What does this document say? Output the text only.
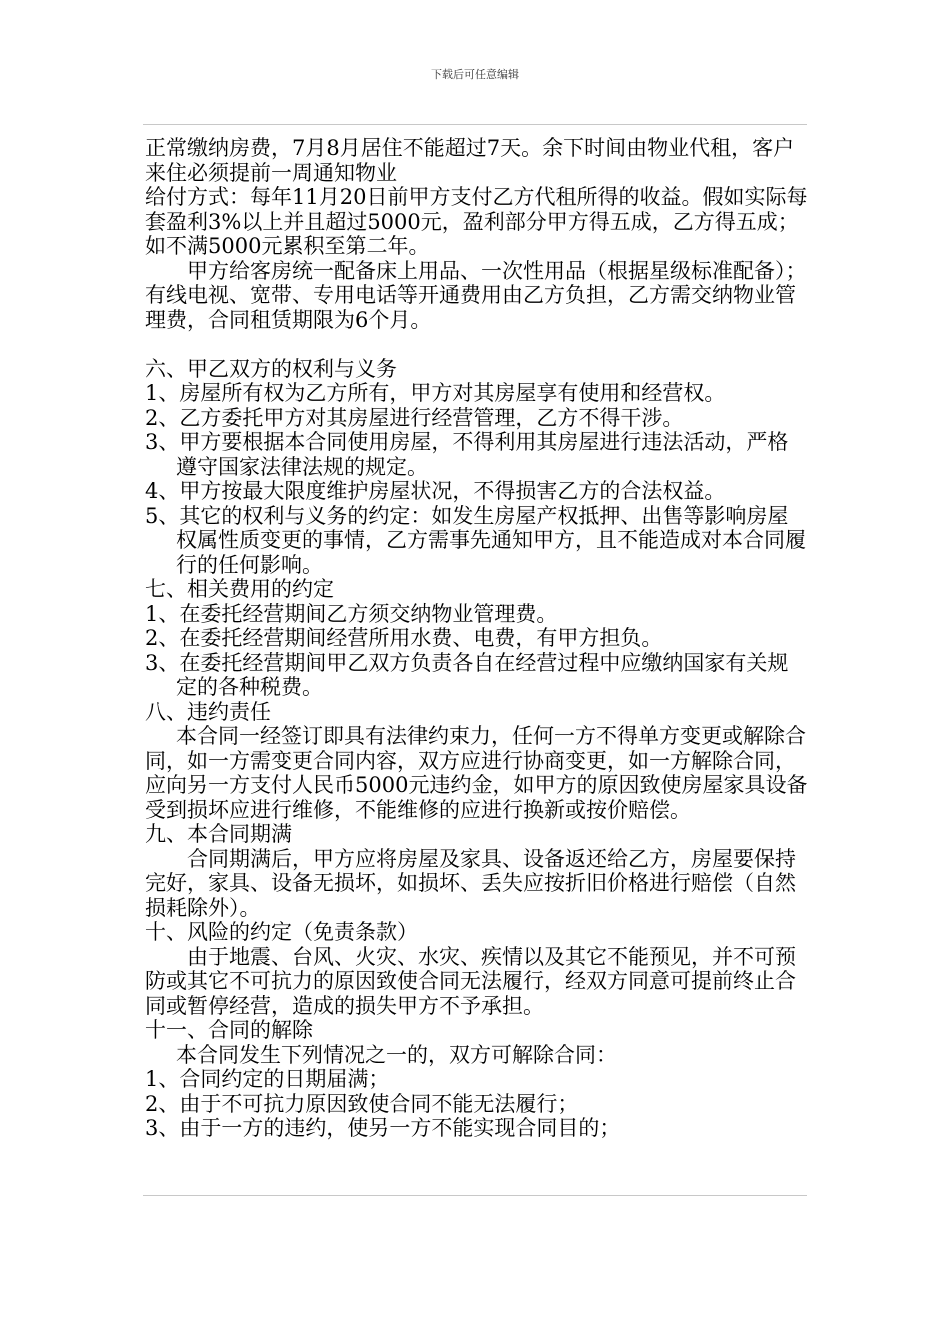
下载后可任意编辑

正常缴纳房费，7月8月居住不能超过7天。余下时间由物业代租，客户来住必须提前一周通知物业

给付方式：每年11月20日前甲方支付乙方代租所得的收益。假如实际每套盈利3%以上并且超过5000元，盈利部分甲方得五成，乙方得五成；如不满5000元累积至第二年。

甲方给客房统一配备床上用品、一次性用品（根据星级标准配备）；有线电视、宽带、专用电话等开通费用由乙方负担，乙方需交纳物业管理费，合同租赁期限为6个月。

六、甲乙双方的权利与义务

1、房屋所有权为乙方所有，甲方对其房屋享有使用和经营权。

2、乙方委托甲方对其房屋进行经营管理，乙方不得干涉。

3、甲方要根据本合同使用房屋，不得利用其房屋进行违法活动，严格遵守国家法律法规的规定。

4、甲方按最大限度维护房屋状况，不得损害乙方的合法权益。

5、其它的权利与义务的约定：如发生房屋产权抵押、出售等影响房屋权属性质变更的事情，乙方需事先通知甲方，且不能造成对本合同履行的任何影响。

七、相关费用的约定

1、在委托经营期间乙方须交纳物业管理费。

2、在委托经营期间经营所用水费、电费，有甲方担负。

3、在委托经营期间甲乙双方负责各自在经营过程中应缴纳国家有关规定的各种税费。

八、违约责任

本合同一经签订即具有法律约束力，任何一方不得单方变更或解除合同，如一方需变更合同内容，双方应进行协商变更，如一方解除合同，应向另一方支付人民币5000元违约金，如甲方的原因致使房屋家具设备受到损坏应进行维修，不能维修的应进行换新或按价赔偿。

九、本合同期满

合同期满后，甲方应将房屋及家具、设备返还给乙方，房屋要保持完好，家具、设备无损坏，如损坏、丢失应按折旧价格进行赔偿（自然损耗除外）。

十、风险的约定（免责条款）

由于地震、台风、火灾、水灾、疾情以及其它不能预见，并不可预防或其它不可抗力的原因致使合同无法履行，经双方同意可提前终止合同或暂停经营，造成的损失甲方不予承担。

十一、合同的解除

本合同发生下列情况之一的，双方可解除合同：

1、合同约定的日期届满；

2、由于不可抗力原因致使合同不能无法履行；

3、由于一方的违约，使另一方不能实现合同目的；
